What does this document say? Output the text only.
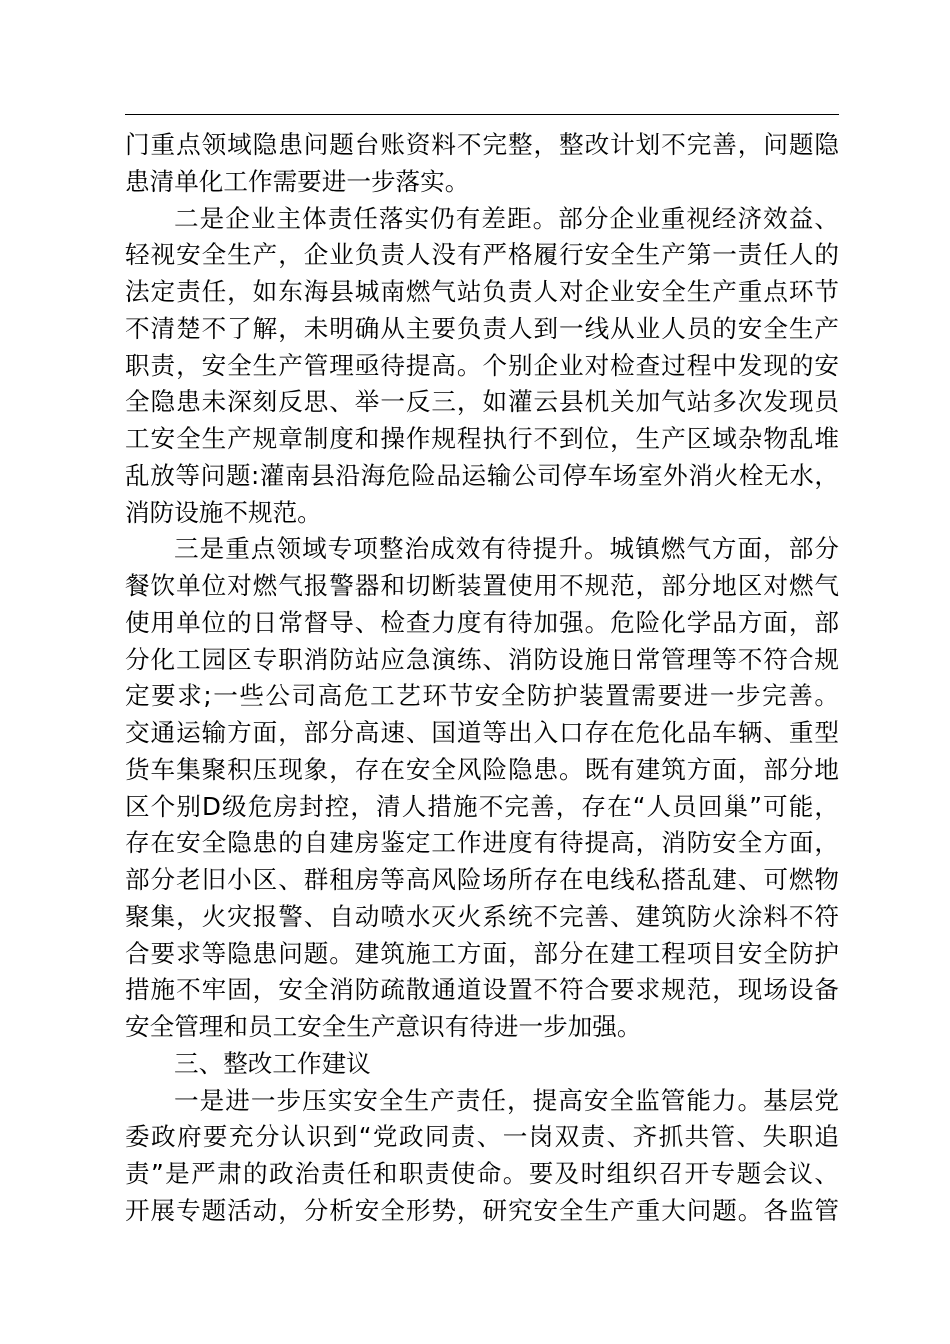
门重点领域隐患问题台账资料不完整，整改计划不完善，问题隐
患清单化工作需要进一步落实。
二是企业主体责任落实仍有差距。部分企业重视经济效益、
轻视安全生产，企业负责人没有严格履行安全生产第一责任人的
法定责任，如东海县城南燃气站负责人对企业安全生产重点环节
不清楚不了解，未明确从主要负责人到一线从业人员的安全生产
职责，安全生产管理亟待提高。个别企业对检查过程中发现的安
全隐患未深刻反思、举一反三，如灌云县机关加气站多次发现员
工安全生产规章制度和操作规程执行不到位，生产区域杂物乱堆
乱放等问题:灌南县沿海危险品运输公司停车场室外消火栓无水，
消防设施不规范。
三是重点领域专项整治成效有待提升。城镇燃气方面，部分
餐饮单位对燃气报警器和切断装置使用不规范，部分地区对燃气
使用单位的日常督导、检查力度有待加强。危险化学品方面，部
分化工园区专职消防站应急演练、消防设施日常管理等不符合规
定要求;一些公司高危工艺环节安全防护装置需要进一步完善。
交通运输方面，部分高速、国道等出入口存在危化品车辆、重型
货车集聚积压现象，存在安全风险隐患。既有建筑方面，部分地
区个别D级危房封控，清人措施不完善，存在“人员回巢”可能，
存在安全隐患的自建房鉴定工作进度有待提高，消防安全方面，
部分老旧小区、群租房等高风险场所存在电线私搭乱建、可燃物
聚集，火灾报警、自动喷水灭火系统不完善、建筑防火涂料不符
合要求等隐患问题。建筑施工方面，部分在建工程项目安全防护
措施不牢固，安全消防疏散通道设置不符合要求规范，现场设备
安全管理和员工安全生产意识有待进一步加强。
三、整改工作建议
一是进一步压实安全生产责任，提高安全监管能力。基层党
委政府要充分认识到“党政同责、一岗双责、齐抓共管、失职追
责”是严肃的政治责任和职责使命。要及时组织召开专题会议、
开展专题活动，分析安全形势，研究安全生产重大问题。各监管
